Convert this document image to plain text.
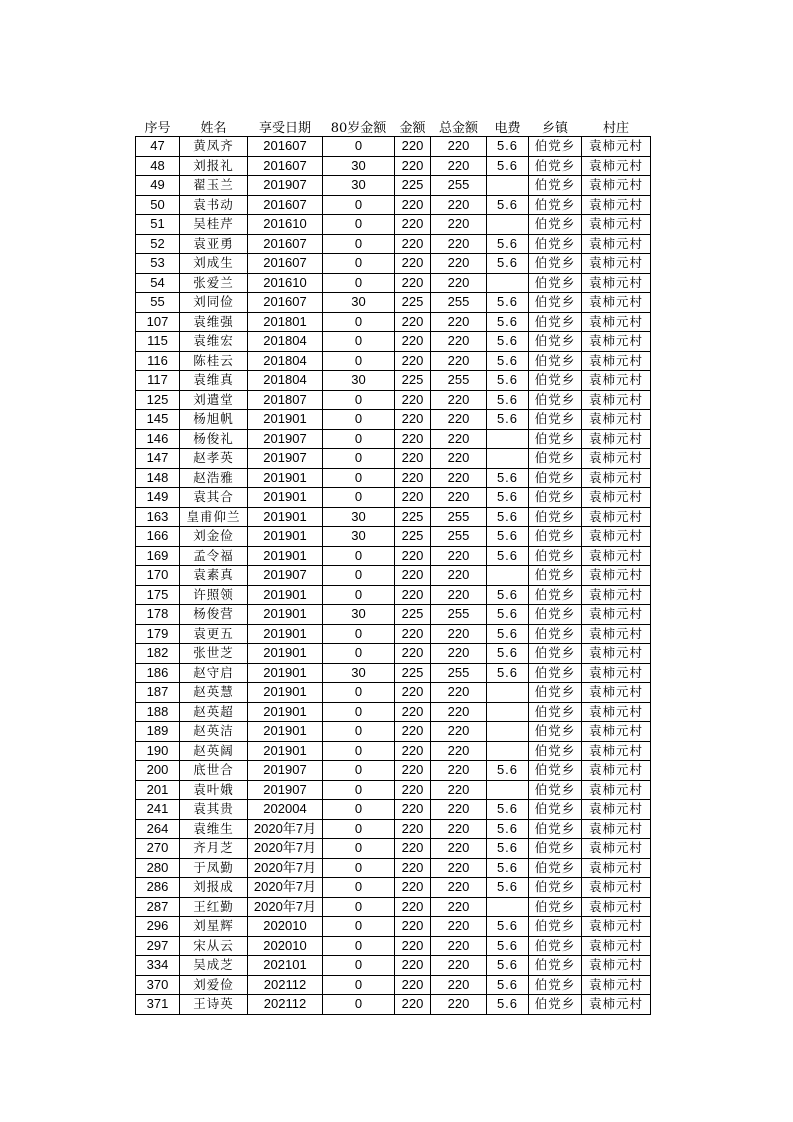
序号	姓名	享受日期	80岁金额	金额	总金额	电费	乡镇	村庄
47	黄凤齐	201607	0	220	220	5.6	伯党乡	袁柿元村
48	刘报礼	201607	30	220	220	5.6	伯党乡	袁柿元村
49	翟玉兰	201907	30	225	255		伯党乡	袁柿元村
50	袁书动	201607	0	220	220	5.6	伯党乡	袁柿元村
51	吴桂芹	201610	0	220	220		伯党乡	袁柿元村
52	袁亚勇	201607	0	220	220	5.6	伯党乡	袁柿元村
53	刘成生	201607	0	220	220	5.6	伯党乡	袁柿元村
54	张爱兰	201610	0	220	220		伯党乡	袁柿元村
55	刘同俭	201607	30	225	255	5.6	伯党乡	袁柿元村
107	袁维强	201801	0	220	220	5.6	伯党乡	袁柿元村
115	袁维宏	201804	0	220	220	5.6	伯党乡	袁柿元村
116	陈桂云	201804	0	220	220	5.6	伯党乡	袁柿元村
117	袁维真	201804	30	225	255	5.6	伯党乡	袁柿元村
125	刘遣堂	201807	0	220	220	5.6	伯党乡	袁柿元村
145	杨旭帆	201901	0	220	220	5.6	伯党乡	袁柿元村
146	杨俊礼	201907	0	220	220		伯党乡	袁柿元村
147	赵孝英	201907	0	220	220		伯党乡	袁柿元村
148	赵浩雅	201901	0	220	220	5.6	伯党乡	袁柿元村
149	袁其合	201901	0	220	220	5.6	伯党乡	袁柿元村
163	皇甫仰兰	201901	30	225	255	5.6	伯党乡	袁柿元村
166	刘金俭	201901	30	225	255	5.6	伯党乡	袁柿元村
169	孟令福	201901	0	220	220	5.6	伯党乡	袁柿元村
170	袁素真	201907	0	220	220		伯党乡	袁柿元村
175	许照领	201901	0	220	220	5.6	伯党乡	袁柿元村
178	杨俊营	201901	30	225	255	5.6	伯党乡	袁柿元村
179	袁更五	201901	0	220	220	5.6	伯党乡	袁柿元村
182	张世芝	201901	0	220	220	5.6	伯党乡	袁柿元村
186	赵守启	201901	30	225	255	5.6	伯党乡	袁柿元村
187	赵英慧	201901	0	220	220		伯党乡	袁柿元村
188	赵英超	201901	0	220	220		伯党乡	袁柿元村
189	赵英洁	201901	0	220	220		伯党乡	袁柿元村
190	赵英阔	201901	0	220	220		伯党乡	袁柿元村
200	底世合	201907	0	220	220	5.6	伯党乡	袁柿元村
201	袁叶娥	201907	0	220	220		伯党乡	袁柿元村
241	袁其贵	202004	0	220	220	5.6	伯党乡	袁柿元村
264	袁维生	2020年7月	0	220	220	5.6	伯党乡	袁柿元村
270	齐月芝	2020年7月	0	220	220	5.6	伯党乡	袁柿元村
280	于凤勤	2020年7月	0	220	220	5.6	伯党乡	袁柿元村
286	刘报成	2020年7月	0	220	220	5.6	伯党乡	袁柿元村
287	王红勤	2020年7月	0	220	220		伯党乡	袁柿元村
296	刘星辉	202010	0	220	220	5.6	伯党乡	袁柿元村
297	宋从云	202010	0	220	220	5.6	伯党乡	袁柿元村
334	吴成芝	202101	0	220	220	5.6	伯党乡	袁柿元村
370	刘爱俭	202112	0	220	220	5.6	伯党乡	袁柿元村
371	王诗英	202112	0	220	220	5.6	伯党乡	袁柿元村
